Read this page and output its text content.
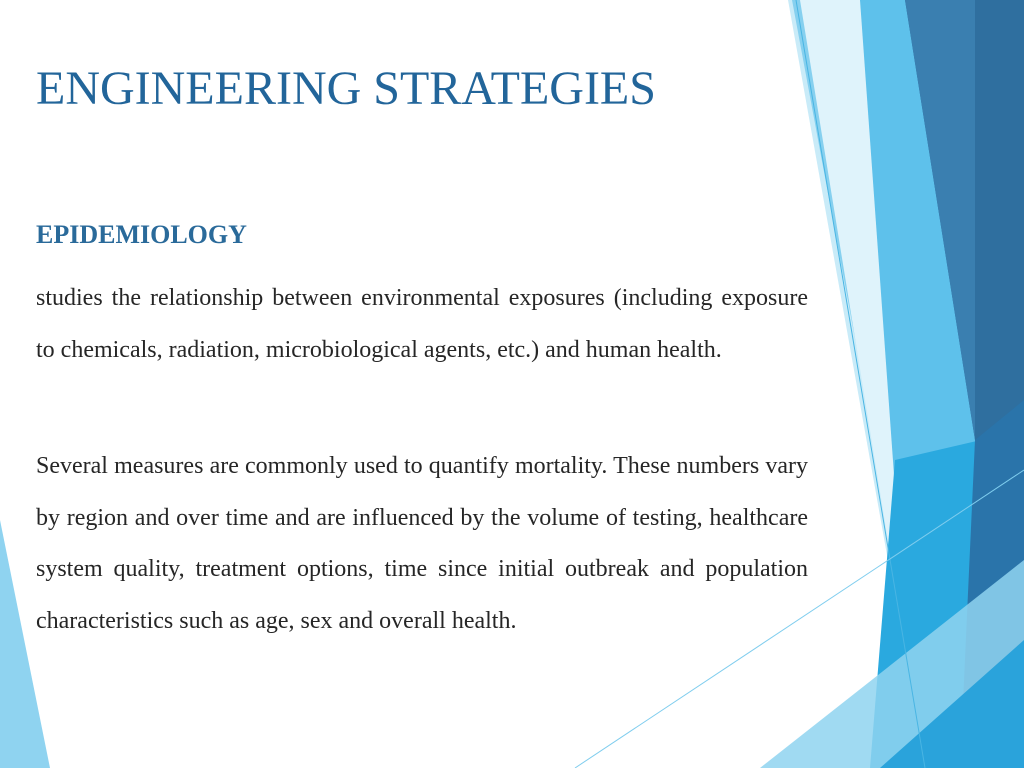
ENGINEERING STRATEGIES
EPIDEMIOLOGY

studies the relationship between environmental exposures (including exposure to chemicals, radiation, microbiological agents, etc.) and human health.

Several measures are commonly used to quantify mortality. These numbers vary by region and over time and are influenced by the volume of testing, healthcare system quality, treatment options, time since initial outbreak and population characteristics such as age, sex and overall health.
